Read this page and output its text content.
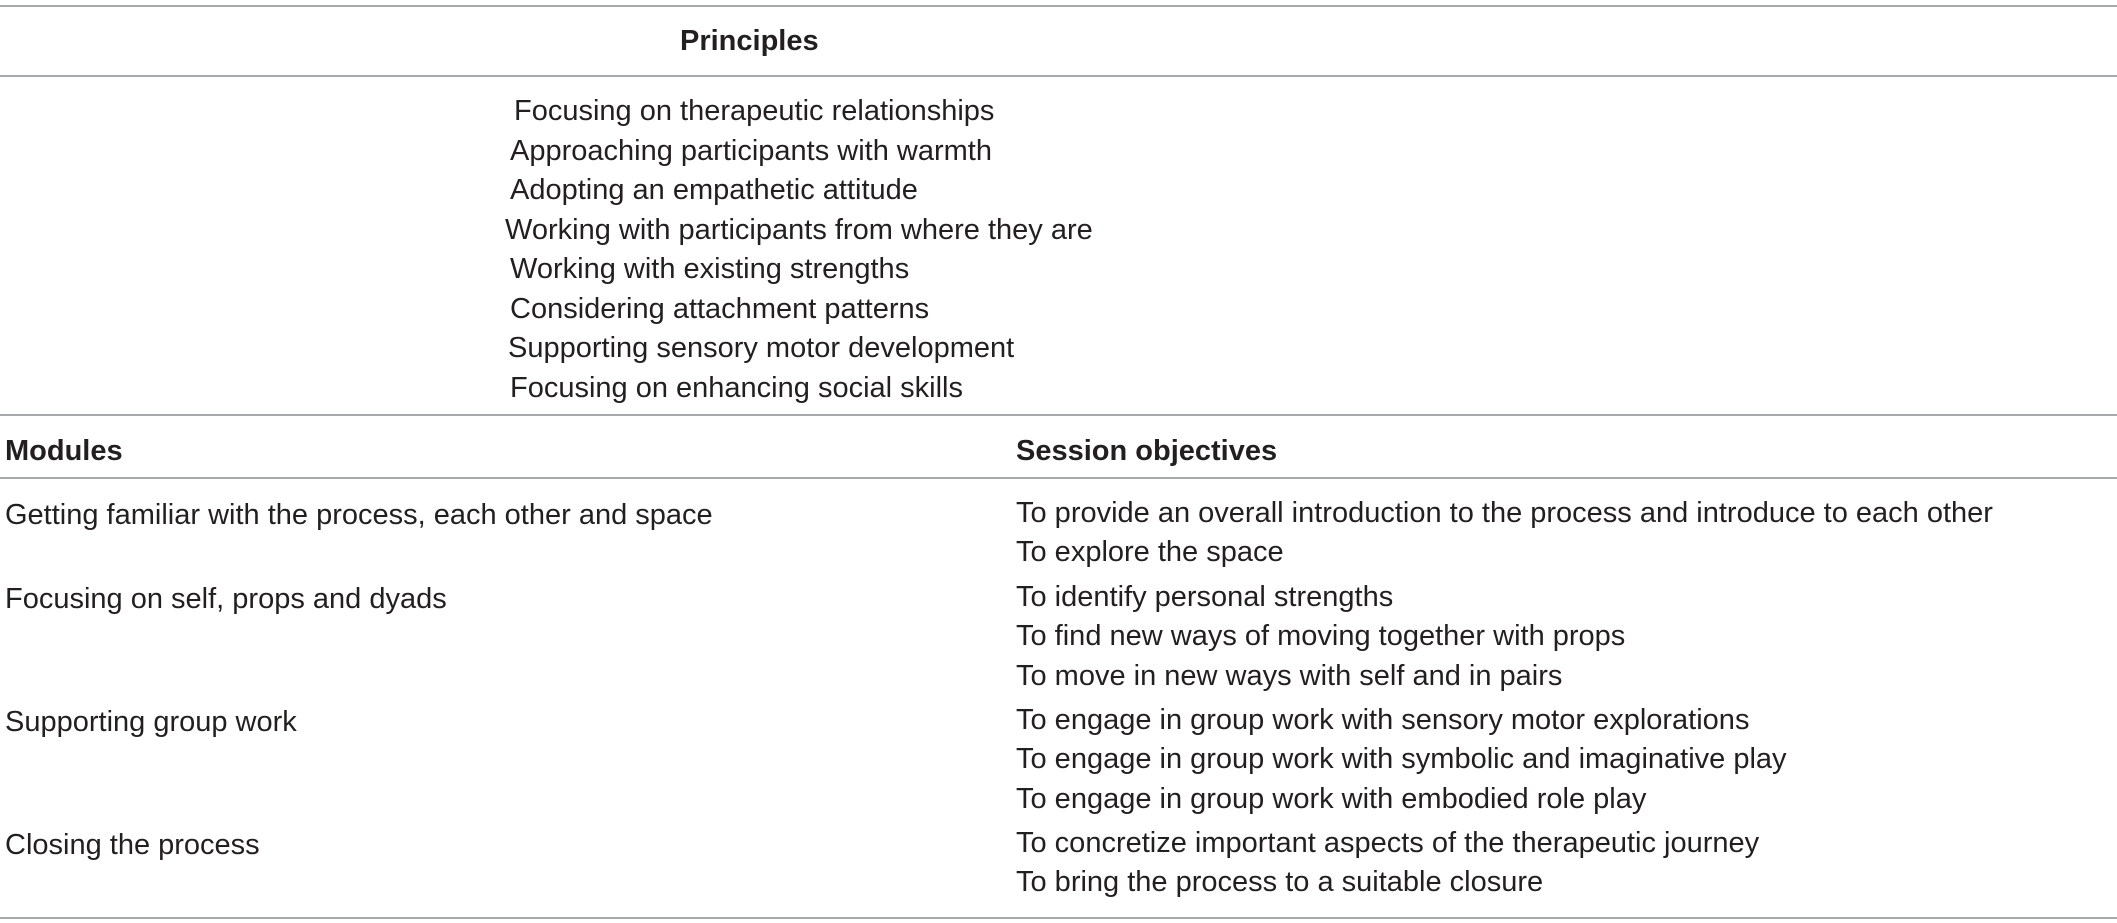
Principles
Focusing on therapeutic relationships
Approaching participants with warmth
Adopting an empathetic attitude
Working with participants from where they are
Working with existing strengths
Considering attachment patterns
Supporting sensory motor development
Focusing on enhancing social skills
Modules	Session objectives
Getting familiar with the process, each other and space	To provide an overall introduction to the process and introduce to each other
To explore the space
Focusing on self, props and dyads	To identify personal strengths
To find new ways of moving together with props
To move in new ways with self and in pairs
Supporting group work	To engage in group work with sensory motor explorations
To engage in group work with symbolic and imaginative play
To engage in group work with embodied role play
Closing the process	To concretize important aspects of the therapeutic journey
To bring the process to a suitable closure
